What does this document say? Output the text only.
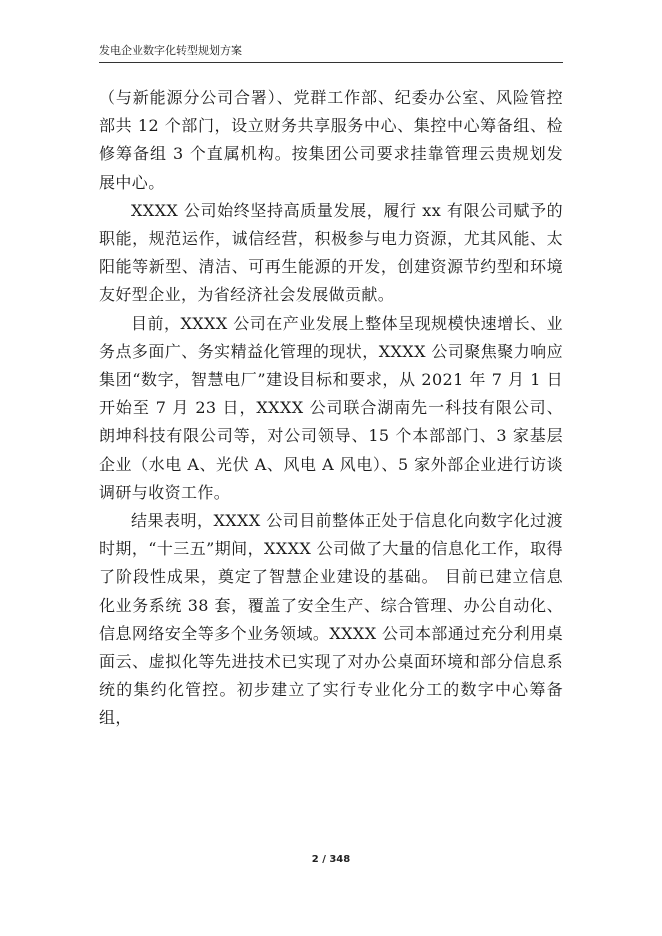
发电企业数字化转型规划方案

（与新能源分公司合署）、党群工作部、纪委办公室、风险管控部共 12 个部门，设立财务共享服务中心、集控中心筹备组、检修筹备组 3 个直属机构。按集团公司要求挂靠管理云贵规划发展中心。

XXXX 公司始终坚持高质量发展，履行 xx 有限公司赋予的职能，规范运作，诚信经营，积极参与电力资源，尤其风能、太阳能等新型、清洁、可再生能源的开发，创建资源节约型和环境友好型企业，为省经济社会发展做贡献。

目前，XXXX 公司在产业发展上整体呈现规模快速增长、业务点多面广、务实精益化管理的现状，XXXX 公司聚焦聚力响应集团“数字，智慧电厂”建设目标和要求，从 2021 年 7 月 1 日开始至 7 月 23 日，XXXX 公司联合湖南先一科技有限公司、朗坤科技有限公司等，对公司领导、15 个本部部门、3 家基层企业（水电 A、光伏 A、风电 A 风电）、5 家外部企业进行访谈调研与收资工作。

结果表明，XXXX 公司目前整体正处于信息化向数字化过渡时期，“十三五”期间，XXXX 公司做了大量的信息化工作，取得了阶段性成果，奠定了智慧企业建设的基础。 目前已建立信息化业务系统 38 套，覆盖了安全生产、综合管理、办公自动化、信息网络安全等多个业务领域。XXXX 公司本部通过充分利用桌面云、虚拟化等先进技术已实现了对办公桌面环境和部分信息系统的集约化管控。初步建立了实行专业化分工的数字中心筹备组，

2 / 348
